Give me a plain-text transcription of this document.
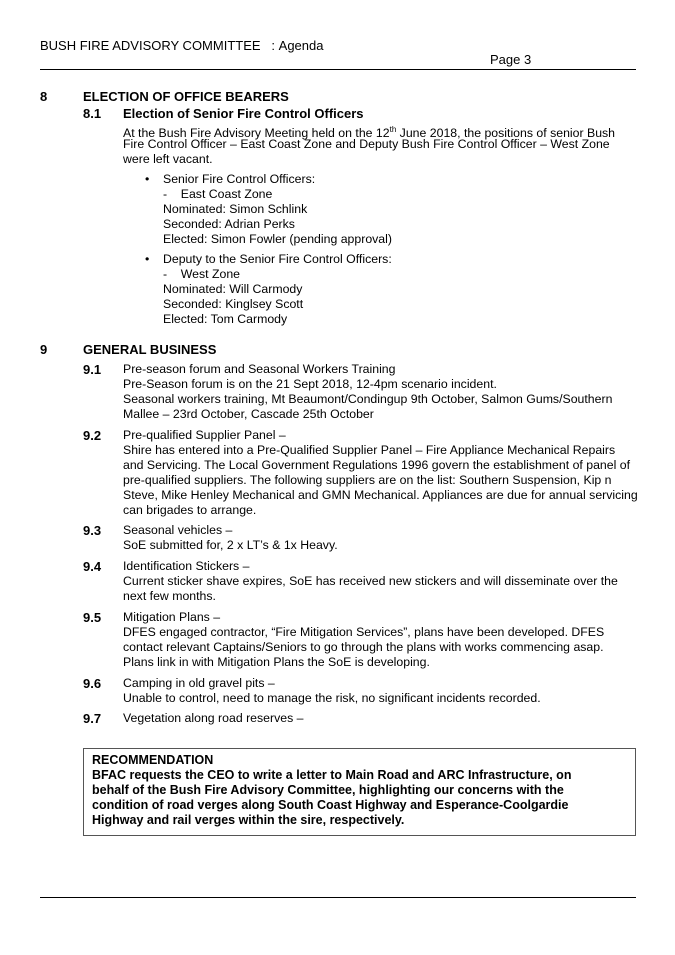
BUSH FIRE ADVISORY COMMITTEE : Agenda
Page 3
8	ELECTION OF OFFICE BEARERS
8.1 Election of Senior Fire Control Officers
At the Bush Fire Advisory Meeting held on the 12th June 2018, the positions of senior Bush
Fire Control Officer – East Coast Zone and Deputy Bush Fire Control Officer – West Zone
were left vacant.
• Senior Fire Control Officers:
-    East Coast Zone
Nominated: Simon Schlink
Seconded: Adrian Perks
Elected: Simon Fowler (pending approval)
• Deputy to the Senior Fire Control Officers:
-    West Zone
Nominated: Will Carmody
Seconded: Kinglsey Scott
Elected: Tom Carmody
9	GENERAL BUSINESS
9.1 Pre-season forum and Seasonal Workers Training
Pre-Season forum is on the 21 Sept 2018, 12-4pm scenario incident.
Seasonal workers training, Mt Beaumont/Condingup 9th October, Salmon Gums/Southern
Mallee – 23rd October, Cascade 25th October
9.2 Pre-qualified Supplier Panel –
Shire has entered into a Pre-Qualified Supplier Panel – Fire Appliance Mechanical Repairs
and Servicing. The Local Government Regulations 1996 govern the establishment of panel of
pre-qualified suppliers. The following suppliers are on the list: Southern Suspension, Kip n
Steve, Mike Henley Mechanical and GMN Mechanical. Appliances are due for annual servicing
can brigades to arrange.
9.3 Seasonal vehicles –
SoE submitted for, 2 x LT’s & 1x Heavy.
9.4 Identification Stickers –
Current sticker shave expires, SoE has received new stickers and will disseminate over the
next few months.
9.5 Mitigation Plans –
DFES engaged contractor, “Fire Mitigation Services”, plans have been developed. DFES
contact relevant Captains/Seniors to go through the plans with works commencing asap.
Plans link in with Mitigation Plans the SoE is developing.
9.6 Camping in old gravel pits –
Unable to control, need to manage the risk, no significant incidents recorded.
9.7 Vegetation along road reserves –
RECOMMENDATION
BFAC requests the CEO to write a letter to Main Road and ARC Infrastructure, on
behalf of the Bush Fire Advisory Committee, highlighting our concerns with the
condition of road verges along South Coast Highway and Esperance-Coolgardie
Highway and rail verges within the sire, respectively.
